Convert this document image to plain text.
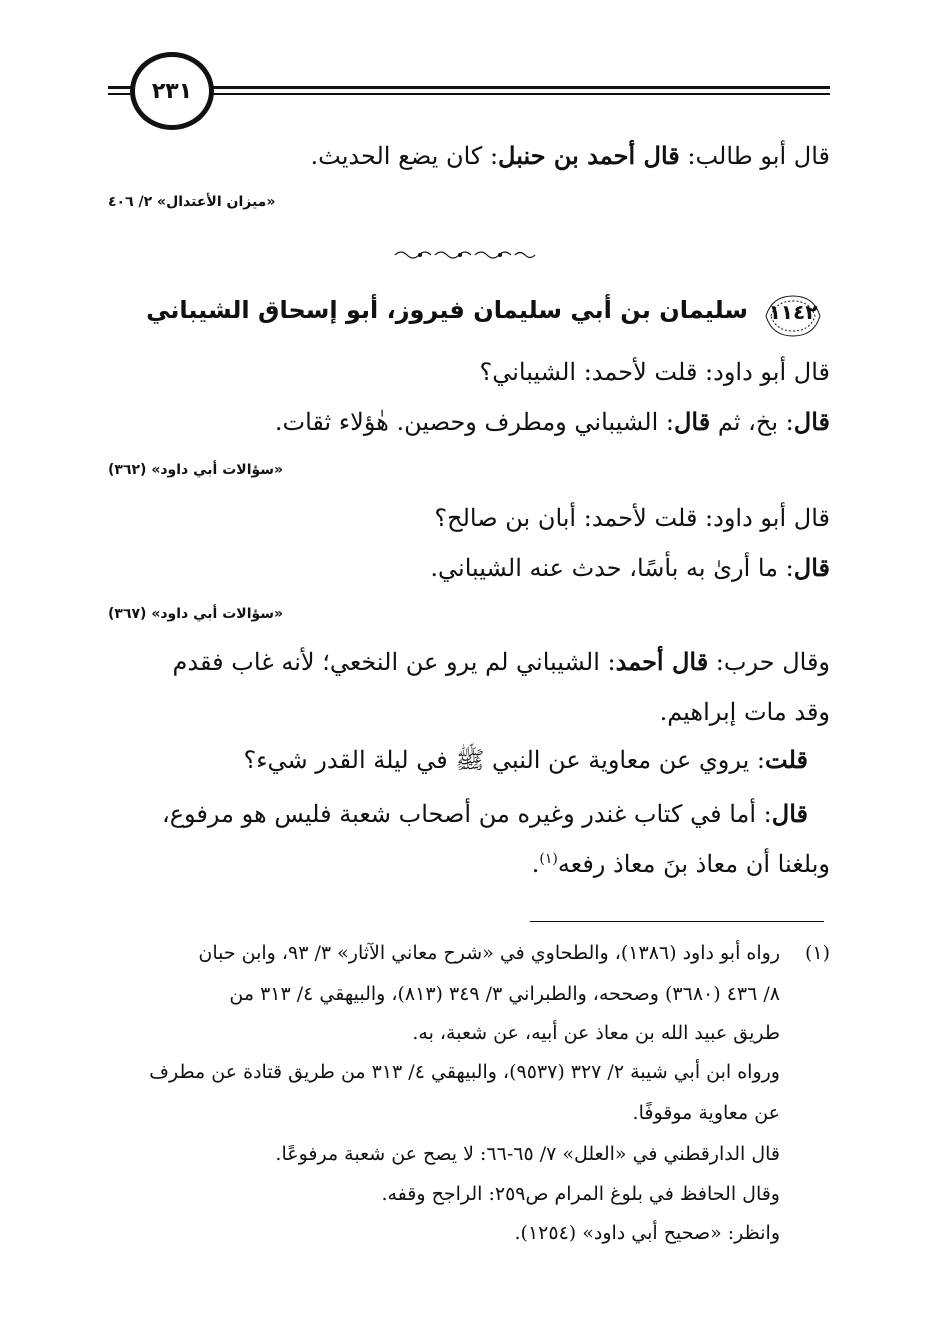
٢٣١
قال أبو طالب: قال أحمد بن حنبل: كان يضع الحديث.
«ميزان الأعتدال» ٢/ ٤٠٦
١١٤٢
سليمان بن أبي سليمان فيروز، أبو إسحاق الشيباني
قال أبو داود: قلت لأحمد: الشيباني؟
قال: بخ، ثم قال: الشيباني ومطرف وحصين. هٰؤلاء ثقات.
«سؤالات أبي داود» (٣٦٢)
قال أبو داود: قلت لأحمد: أبان بن صالح؟
قال: ما أرىٰ به بأسًا، حدث عنه الشيباني.
«سؤالات أبي داود» (٣٦٧)
وقال حرب: قال أحمد: الشيباني لم يرو عن النخعي؛ لأنه غاب فقدم
وقد مات إبراهيم.
قلت: يروي عن معاوية عن النبي ﷺ في ليلة القدر شيء؟
قال: أما في كتاب غندر وغيره من أصحاب شعبة فليس هو مرفوع،
وبلغنا أن معاذ بنَ معاذ رفعه$^{(١)}$.
(١)
رواه أبو داود (١٣٨٦)، والطحاوي في «شرح معاني الآثار» ٣/ ٩٣، وابن حبان
٨/ ٤٣٦ (٣٦٨٠) وصححه، والطبراني ٣/ ٣٤٩ (٨١٣)، والبيهقي ٤/ ٣١٣ من
طريق عبيد الله بن معاذ عن أبيه، عن شعبة، به.
ورواه ابن أبي شيبة ٢/ ٣٢٧ (٩٥٣٧)، والبيهقي ٤/ ٣١٣ من طريق قتادة عن مطرف
عن معاوية موقوفًا.
قال الدارقطني في «العلل» ٧/ ٦٥-٦٦: لا يصح عن شعبة مرفوعًا.
وقال الحافظ في بلوغ المرام ص٢٥٩: الراجح وقفه.
وانظر: «صحيح أبي داود» (١٢٥٤).
